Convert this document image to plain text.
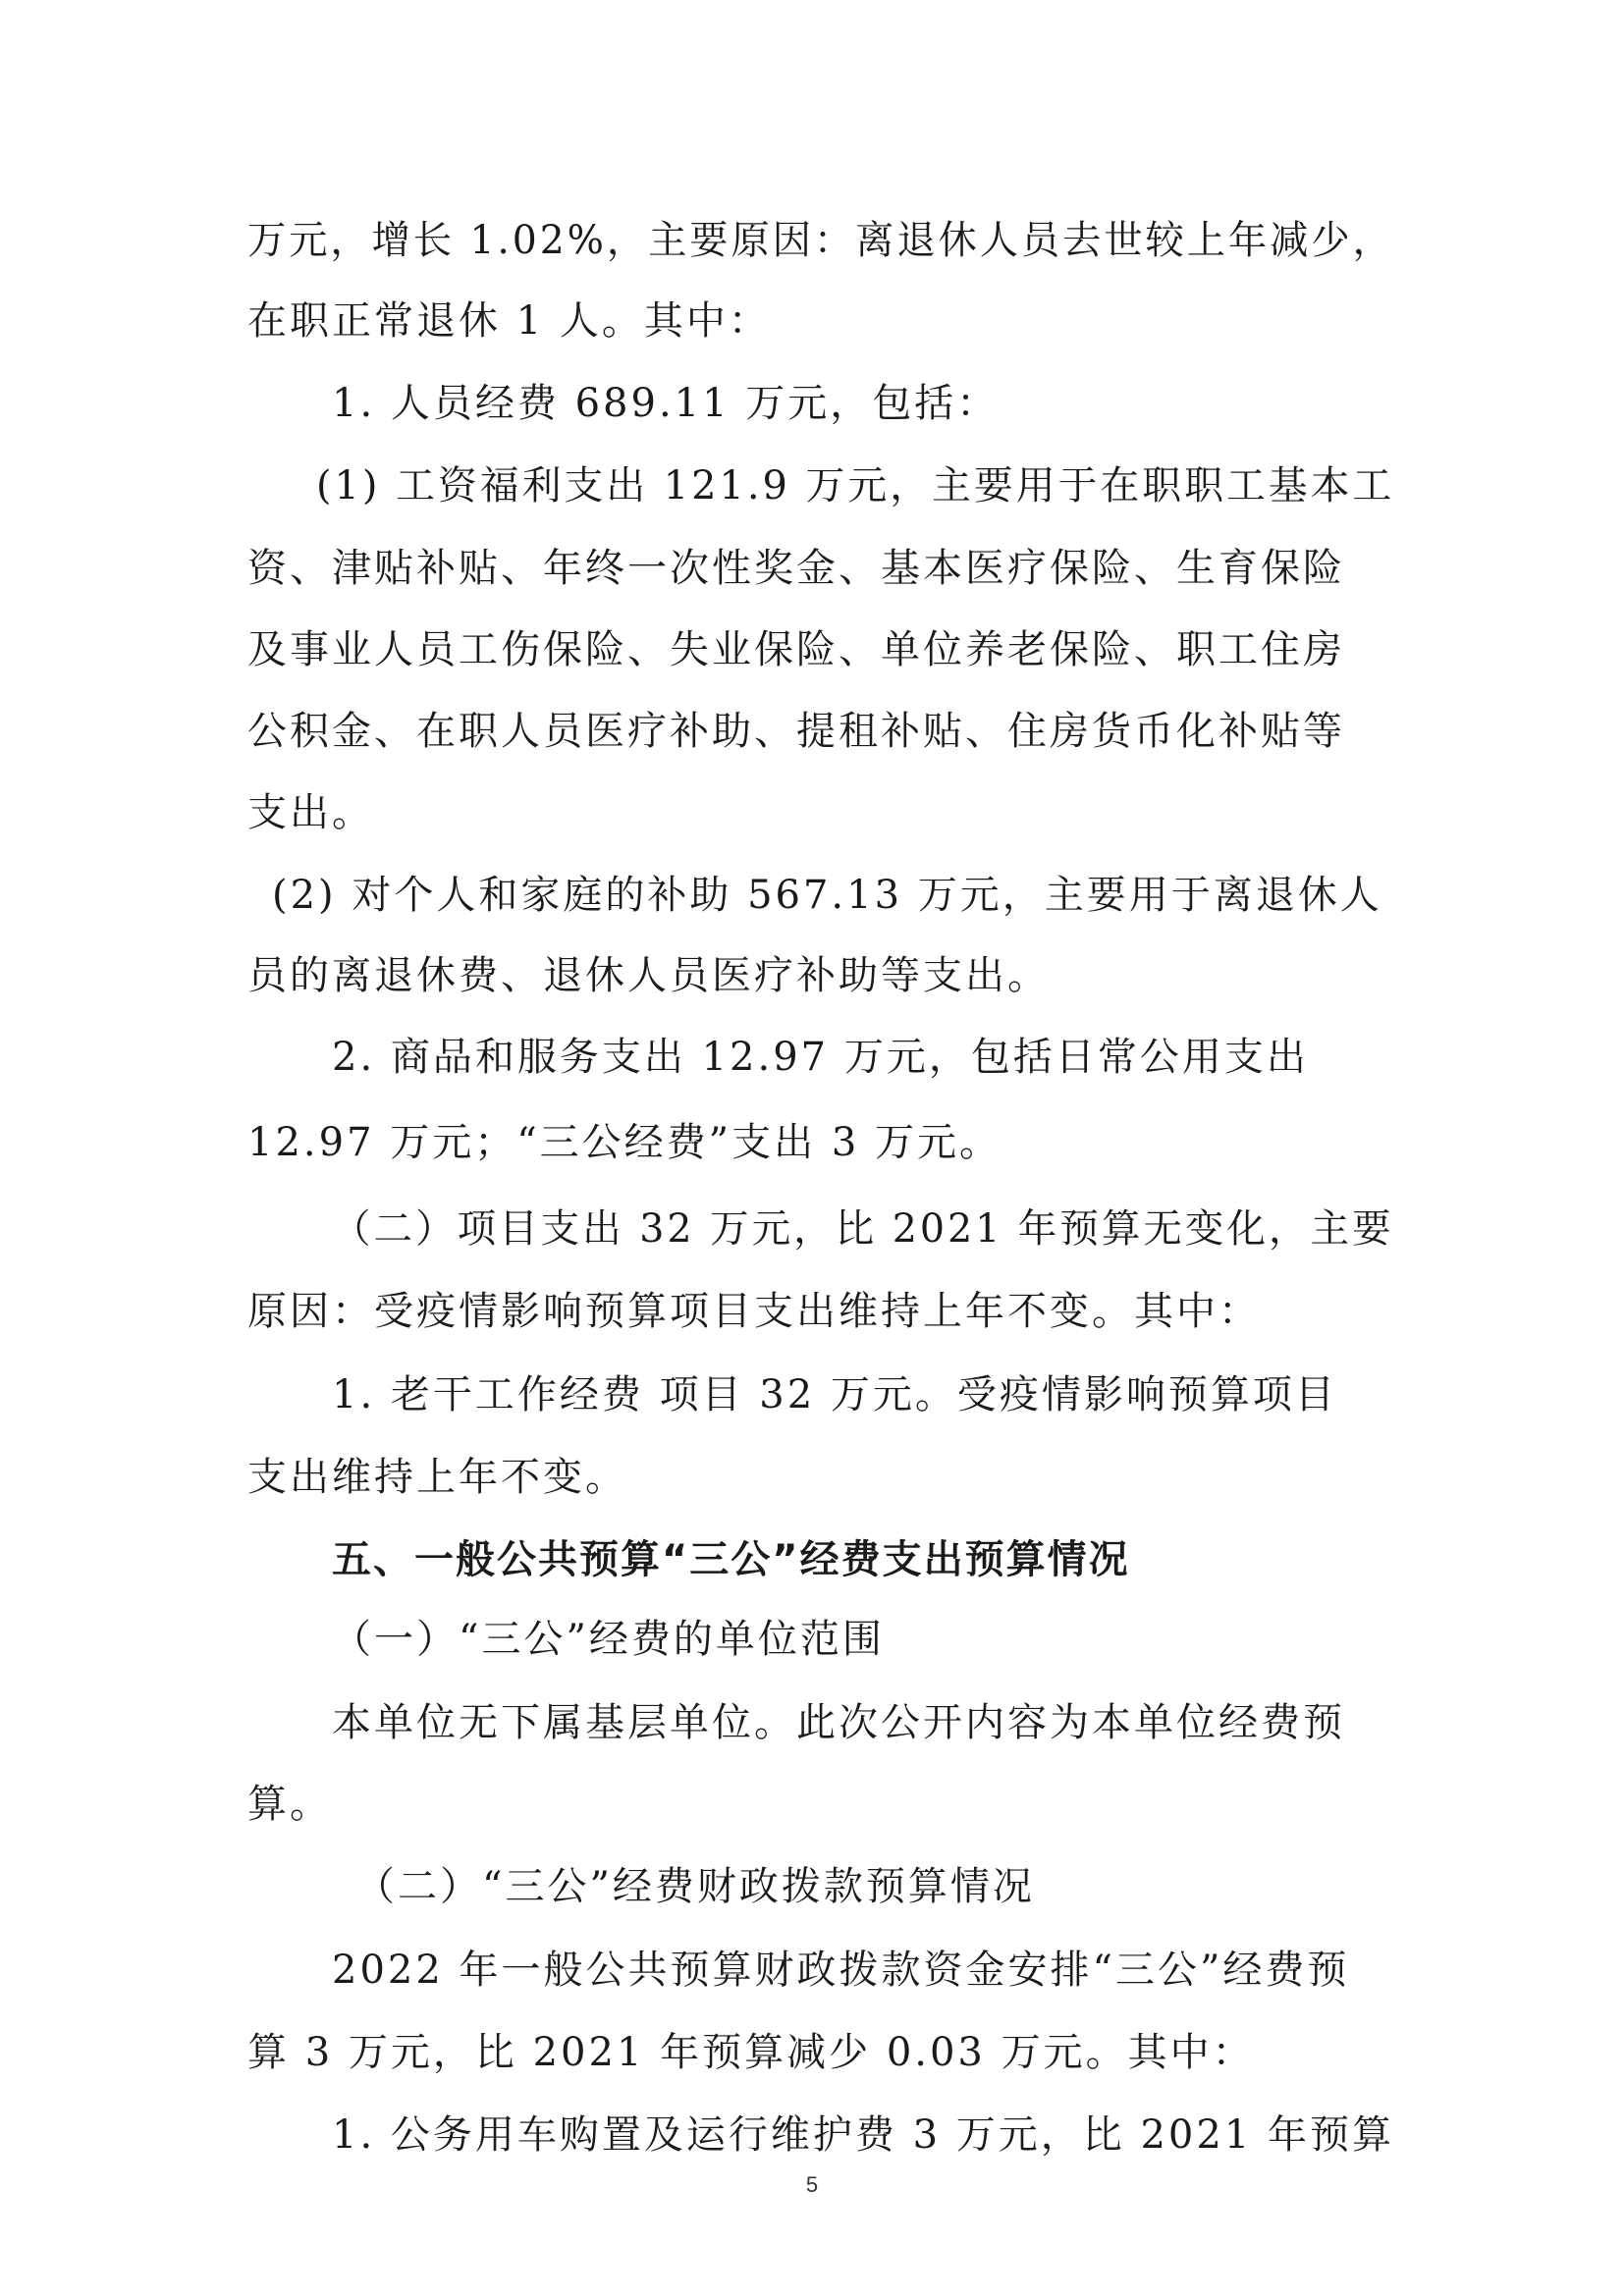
万元，增长 1.02%，主要原因：离退休人员去世较上年减少，
在职正常退休 1 人。其中：
1. 人员经费 689.11 万元，包括：
(1) 工资福利支出 121.9 万元，主要用于在职职工基本工
资、津贴补贴、年终一次性奖金、基本医疗保险、生育保险
及事业人员工伤保险、失业保险、单位养老保险、职工住房
公积金、在职人员医疗补助、提租补贴、住房货币化补贴等
支出。
(2) 对个人和家庭的补助 567.13 万元，主要用于离退休人
员的离退休费、退休人员医疗补助等支出。
2. 商品和服务支出 12.97 万元，包括日常公用支出
12.97 万元；“三公经费”支出 3 万元。
（二）项目支出 32 万元，比 2021 年预算无变化，主要
原因：受疫情影响预算项目支出维持上年不变。其中：
1. 老干工作经费 项目 32 万元。受疫情影响预算项目
支出维持上年不变。
五、一般公共预算“三公”经费支出预算情况
（一）“三公”经费的单位范围
本单位无下属基层单位。此次公开内容为本单位经费预
算。
（二）“三公”经费财政拨款预算情况
2022 年一般公共预算财政拨款资金安排“三公”经费预
算 3 万元，比 2021 年预算减少 0.03 万元。其中：
1. 公务用车购置及运行维护费 3 万元，比 2021 年预算
5
